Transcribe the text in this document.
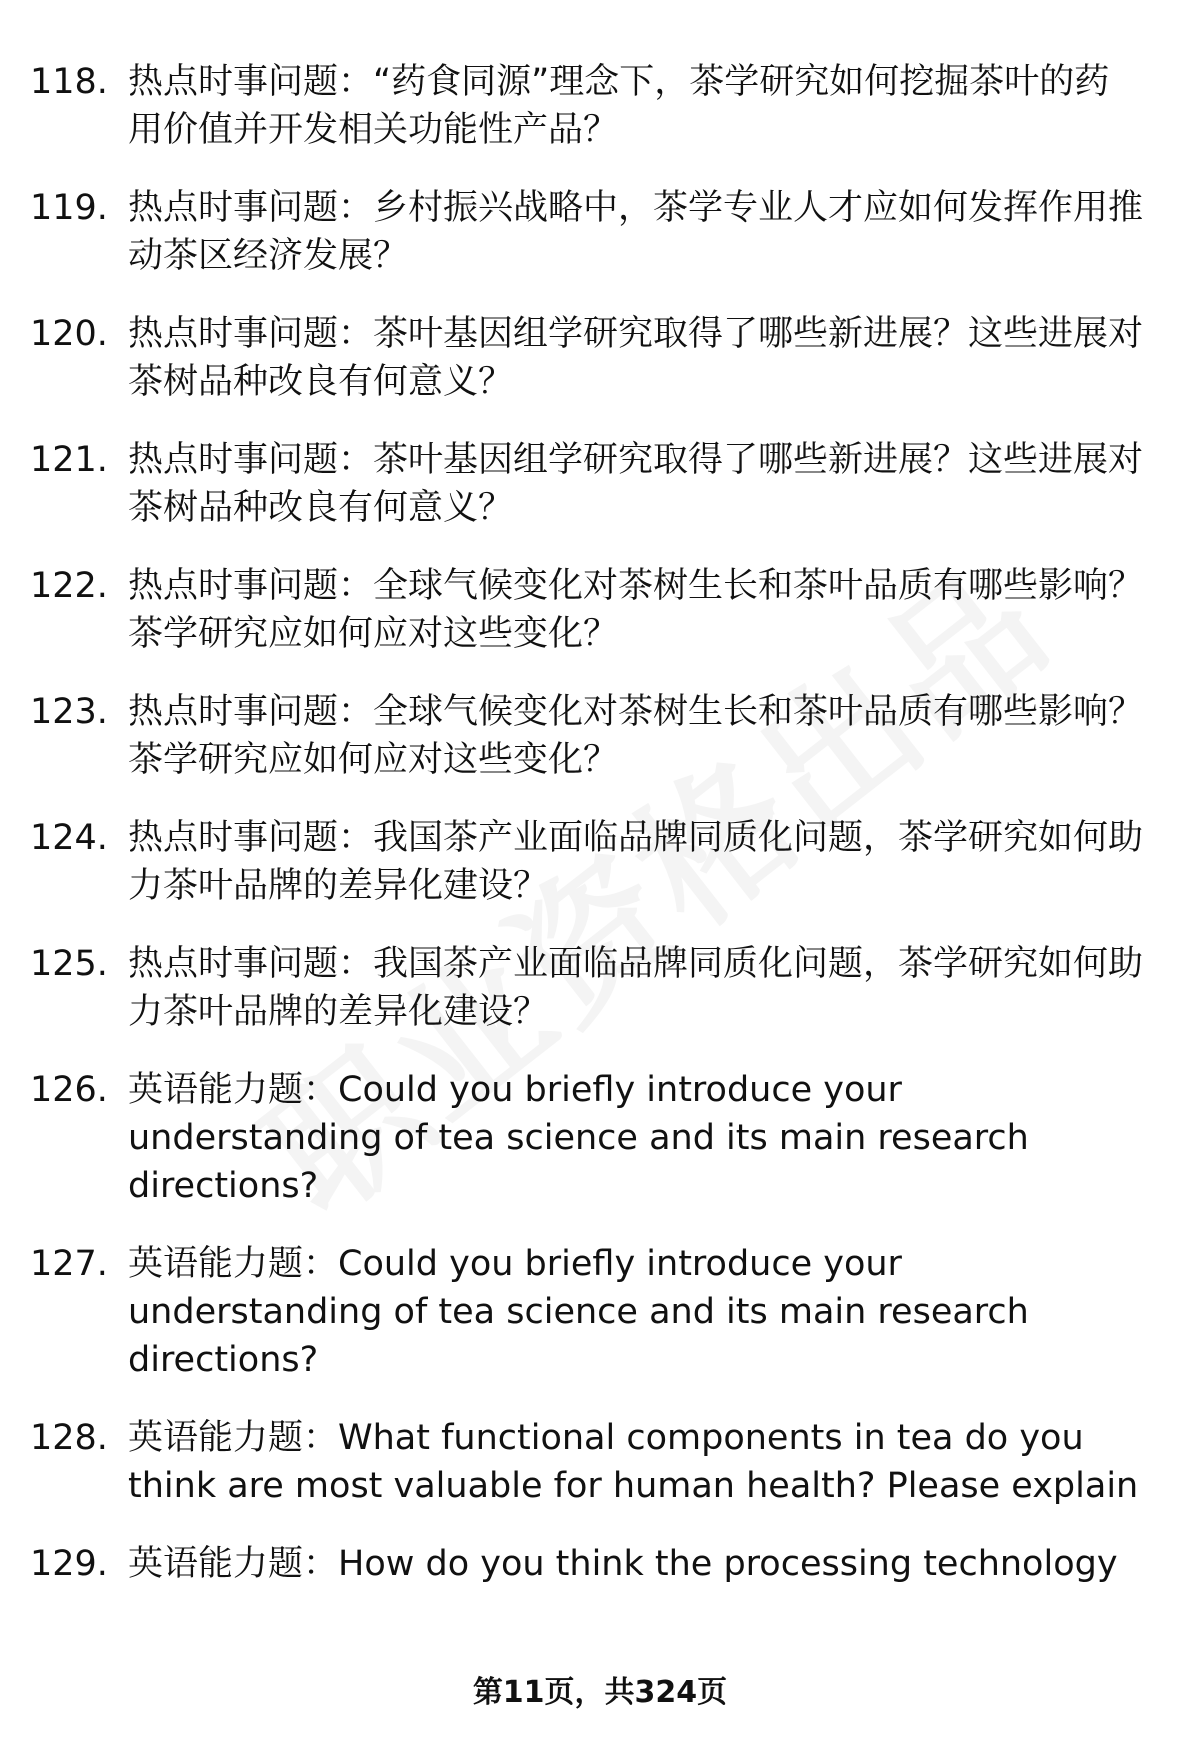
118. 热点时事问题：“药食同源”理念下，茶学研究如何挖掘茶叶的药用价值并开发相关功能性产品？
119. 热点时事问题：乡村振兴战略中，茶学专业人才应如何发挥作用推动茶区经济发展？
120. 热点时事问题：茶叶基因组学研究取得了哪些新进展？这些进展对茶树品种改良有何意义？
121. 热点时事问题：茶叶基因组学研究取得了哪些新进展？这些进展对茶树品种改良有何意义？
122. 热点时事问题：全球气候变化对茶树生长和茶叶品质有哪些影响？茶学研究应如何应对这些变化？
123. 热点时事问题：全球气候变化对茶树生长和茶叶品质有哪些影响？茶学研究应如何应对这些变化？
124. 热点时事问题：我国茶产业面临品牌同质化问题，茶学研究如何助力茶叶品牌的差异化建设？
125. 热点时事问题：我国茶产业面临品牌同质化问题，茶学研究如何助力茶叶品牌的差异化建设？
126. 英语能力题：Could you briefly introduce your understanding of tea science and its main research directions?
127. 英语能力题：Could you briefly introduce your understanding of tea science and its main research directions?
128. 英语能力题：What functional components in tea do you think are most valuable for human health? Please explain
129. 英语能力题：How do you think the processing technology
第11页，共324页
